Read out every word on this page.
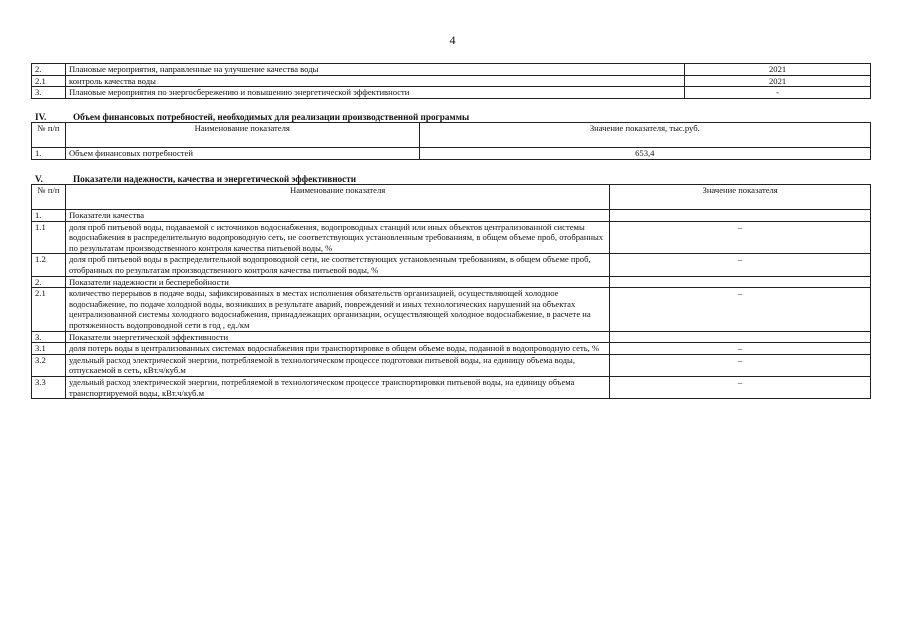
4
2.	Плановые мероприятия, направленные на улучшение качества воды	2021
2.1	контроль качества воды	2021
3.	Плановые мероприятия по энергосбережению и повышению энергетической эффективности	-
IV.	Объем финансовых потребностей, необходимых для реализации производственной программы
№ п/п	Наименование показателя	Значение показателя, тыс.руб.
1.	Объем финансовых потребностей	653,4
V.	Показатели надежности, качества и энергетической эффективности
№ п/п	Наименование показателя	Значение показателя
1.	Показатели качества	
1.1	доля проб питьевой воды, подаваемой с источников водоснабжения, водопроводных станций или иных объектов централизованной системы водоснабжения в распределительную водопроводную сеть, не соответствующих установленным требованиям, в общем объеме проб, отобранных по результатам производственного контроля качества питьевой воды, %	–
1.2	доля проб питьевой воды в распределительной водопроводной сети, не соответствующих установленным требованиям, в общем объеме проб, отобранных по результатам производственного контроля качества питьевой воды, %	–
2.	Показатели надежности и бесперебойности	
2.1	количество перерывов в подаче воды, зафиксированных в местах исполнения обязательств организацией, осуществляющей холодное водоснабжение, по подаче холодной воды, возникших в результате аварий, повреждений и иных технологических нарушений на объектах централизованной системы холодного водоснабжения, принадлежащих организации, осуществляющей холодное водоснабжение, в расчете на протяженность водопроводной сети в год , ед./км	–
3.	Показатели энергетической эффективности	
3.1	доля потерь воды в централизованных системах водоснабжения при транспортировке в общем объеме воды, поданной в водопроводную сеть, %	–
3.2	удельный расход электрической энергии, потребляемой в технологическом процессе подготовки питьевой воды, на единицу объема воды, отпускаемой в сеть, кВт.ч/куб.м	–
3.3	удельный расход электрической энергии, потребляемой в технологическом процессе транспортировки питьевой воды, на единицу объема транспортируемой воды, кВт.ч/куб.м	–
